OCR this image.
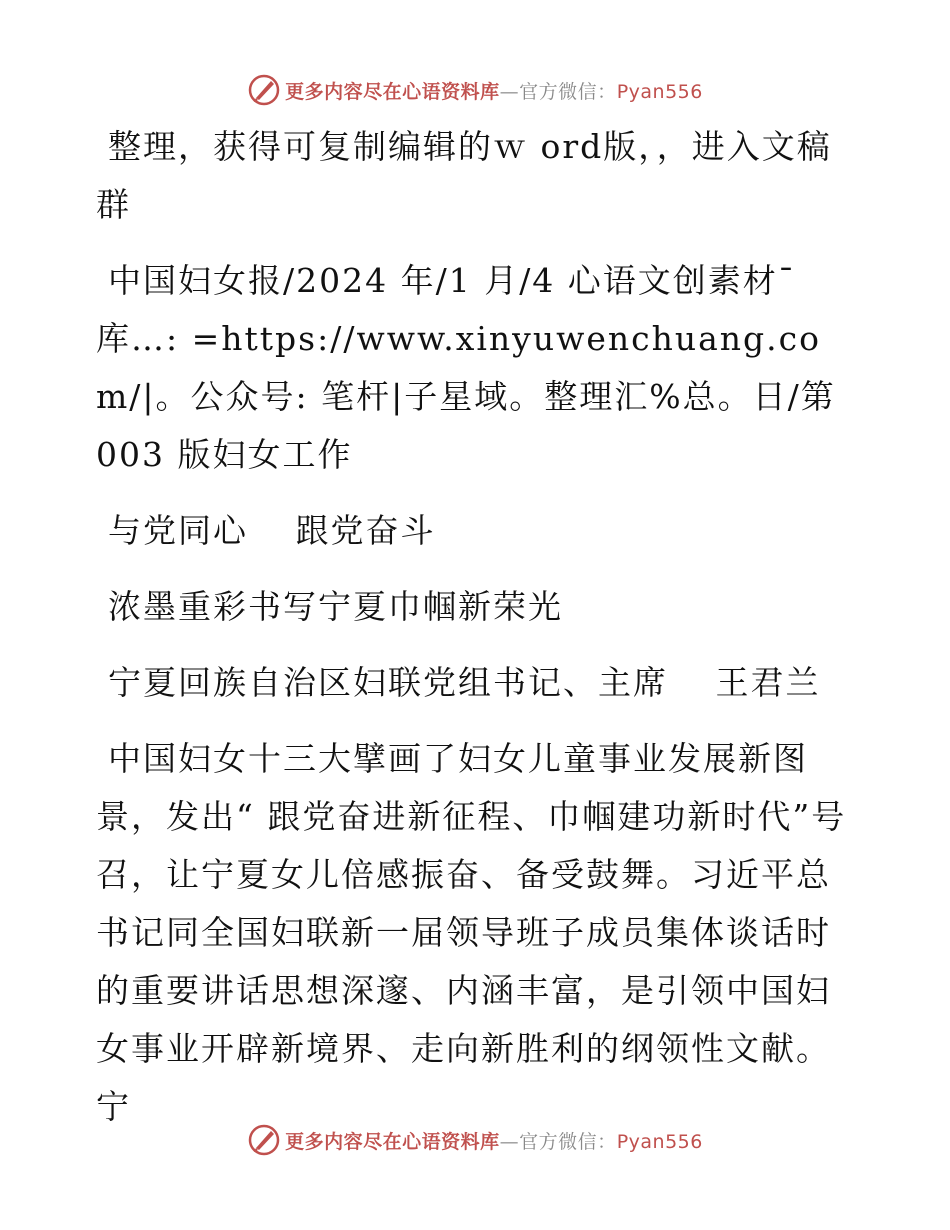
更多内容尽在心语资料库—官方微信：Pyan556

整理，获得可复制编辑的ｗ ord版，，进入文稿群

中国妇女报/2024 年/1 月/4 心语文创素材¯库…: =https://www.xinyuwenchuang.com/|。公众号: 笔杆|子星域。整理汇%总。日/第 003 版妇女工作

与党同心　 跟党奋斗

浓墨重彩书写宁夏巾帼新荣光

宁夏回族自治区妇联党组书记、主席　 王君兰

中国妇女十三大擘画了妇女儿童事业发展新图景，发出“ 跟党奋进新征程、巾帼建功新时代”号召，让宁夏女儿倍感振奋、备受鼓舞。习近平总书记同全国妇联新一届领导班子成员集体谈话时的重要讲话思想深邃、内涵丰富，是引领中国妇女事业开辟新境界、走向新胜利的纲领性文献。宁

更多内容尽在心语资料库—官方微信：Pyan556
